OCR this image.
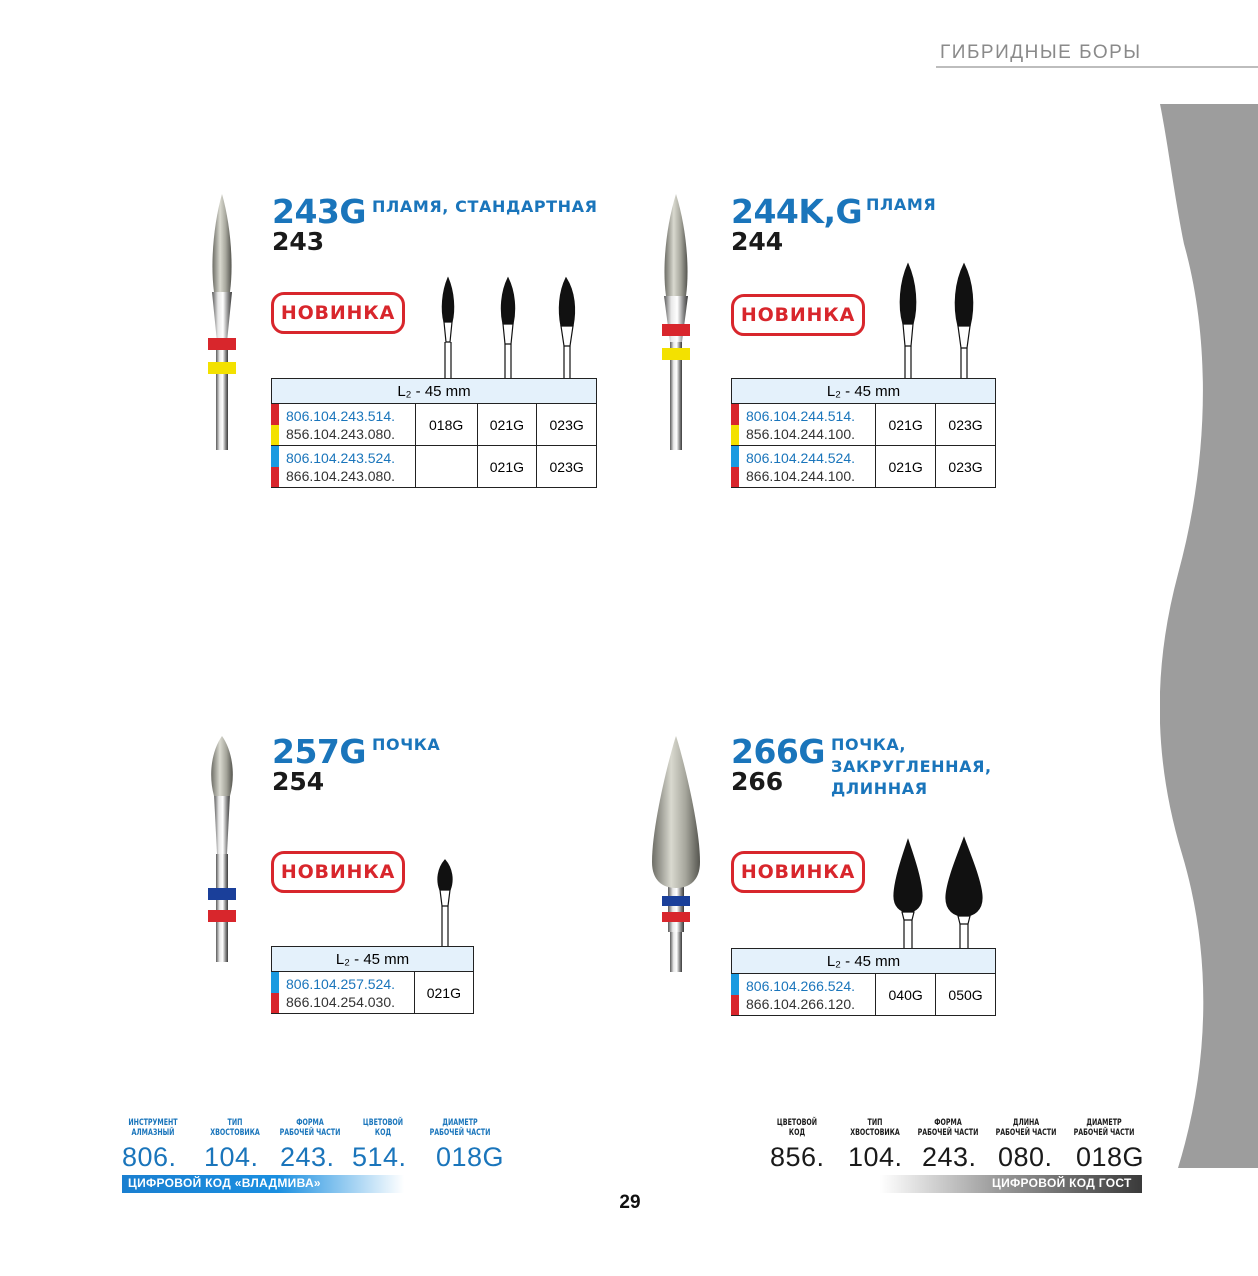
ГИБРИДНЫЕ БОРЫ
243G
243
ПЛАМЯ, СТАНДАРТНАЯ
НОВИНКА
L₂ - 45 mm			

806.104.243.514.
856.104.243.080.	018G	021G	023G

806.104.243.524.
866.104.243.080.		021G	023G
244K,G
244
ПЛАМЯ
НОВИНКА
L₂ - 45 mm		

806.104.244.514.
856.104.244.100.	021G	023G

806.104.244.524.
866.104.244.100.	021G	023G
257G
254
ПОЧКА
НОВИНКА
L₂ - 45 mm

806.104.257.524.
866.104.254.030.
	021G
266G
266
ПОЧКА,
ЗАКРУГЛЕННАЯ,
ДЛИННАЯ
НОВИНКА
L₂ - 45 mm

806.104.266.524.
866.104.266.120.
	040G	050G
ИНСТРУМЕНТ
АЛМАЗНЫЙ
806.
ТИП
ХВОСТОВИКА
104.
ФОРМА
РАБОЧЕЙ ЧАСТИ
243.
ЦВЕТОВОЙ
КОД
514.
ДИАМЕТР
РАБОЧЕЙ ЧАСТИ
018G
ЦИФРОВОЙ КОД «ВЛАДМИВА»
ЦВЕТОВОЙ
КОД
856.
ТИП
ХВОСТОВИКА
104.
ФОРМА
РАБОЧЕЙ ЧАСТИ
243.
ДЛИНА
РАБОЧЕЙ ЧАСТИ
080.
ДИАМЕТР
РАБОЧЕЙ ЧАСТИ
018G
ЦИФРОВОЙ КОД ГОСТ
29
